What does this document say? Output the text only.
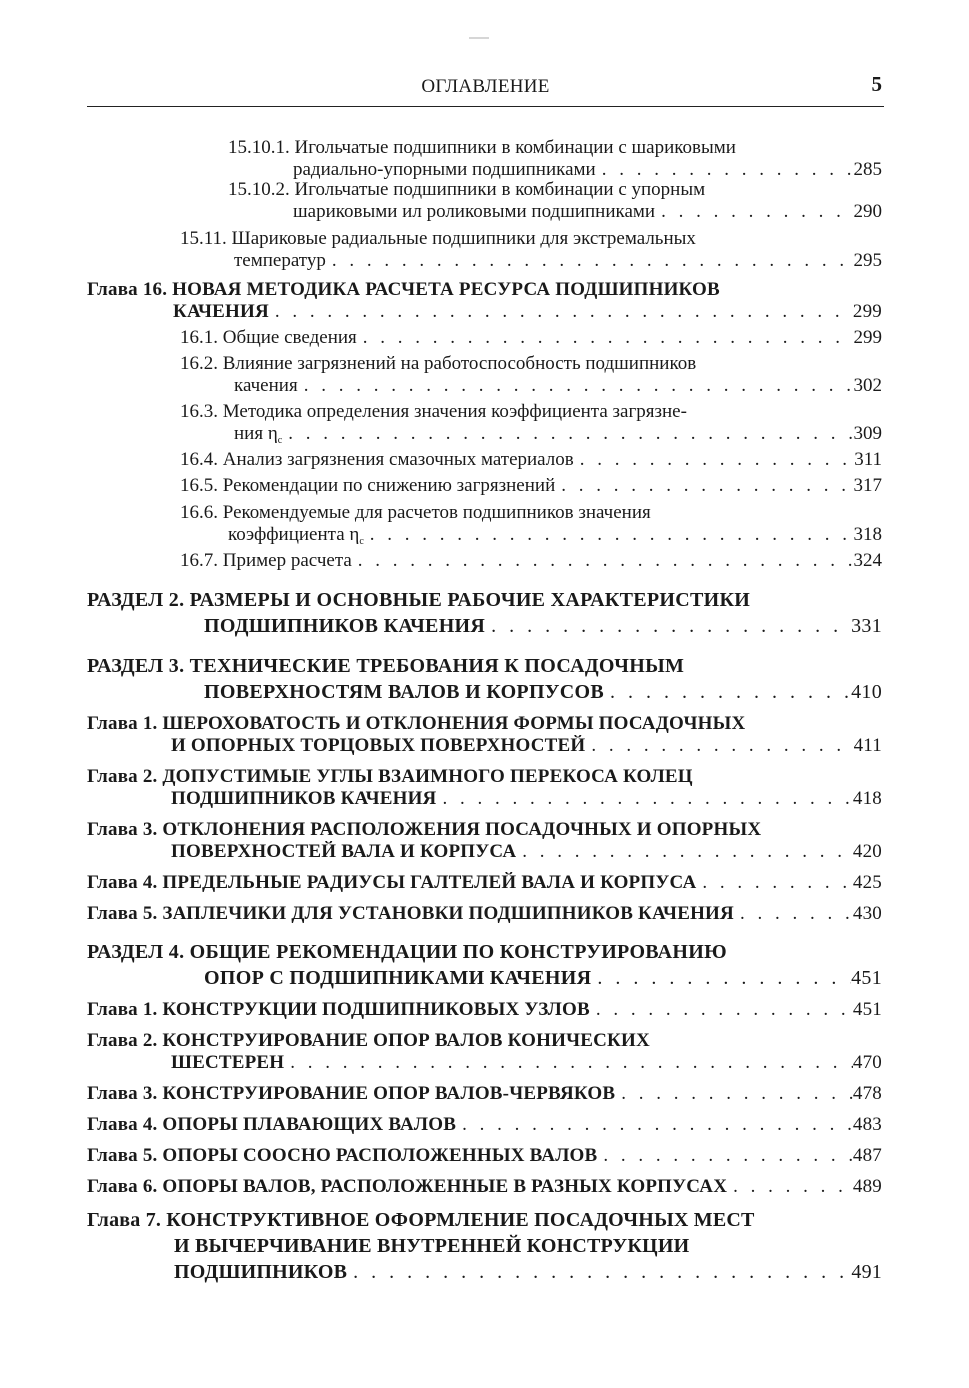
ОГЛАВЛЕНИЕ	5
15.10.1. Игольчатые подшипники в комбинации с шариковыми
радиально-упорными подшипниками . . .	285
15.10.2. Игольчатые подшипники в комбинации с упорным
шариковыми ил роликовыми подшипниками . . .	290
15.11. Шариковые радиальные подшипники для экстремальных
температур . . .	295
Глава 16. НОВАЯ МЕТОДИКА РАСЧЕТА РЕСУРСА ПОДШИПНИКОВ
КАЧЕНИЯ . . .	299
16.1. Общие сведения . . .	299
16.2. Влияние загрязнений на работоспособность подшипников
качения . . .	302
16.3. Методика определения значения коэффициента загрязне-
ния $\eta_c$ . . .	309
16.4. Анализ загрязнения смазочных материалов . . .	311
16.5. Рекомендации по снижению загрязнений . . .	317
16.6. Рекомендуемые для расчетов подшипников значения
коэффициента $\eta_c$ . . .	318
16.7. Пример расчета . . .	324
РАЗДЕЛ 2. РАЗМЕРЫ И ОСНОВНЫЕ РАБОЧИЕ ХАРАКТЕРИСТИКИ
ПОДШИПНИКОВ КАЧЕНИЯ . . .	331
РАЗДЕЛ 3. ТЕХНИЧЕСКИЕ ТРЕБОВАНИЯ К ПОСАДОЧНЫМ
ПОВЕРХНОСТЯМ ВАЛОВ И КОРПУСОВ . . .	410
Глава 1. ШЕРОХОВАТОСТЬ И ОТКЛОНЕНИЯ ФОРМЫ ПОСАДОЧНЫХ
И ОПОРНЫХ ТОРЦОВЫХ ПОВЕРХНОСТЕЙ . . .	411
Глава 2. ДОПУСТИМЫЕ УГЛЫ ВЗАИМНОГО ПЕРЕКОСА КОЛЕЦ
ПОДШИПНИКОВ КАЧЕНИЯ . . .	418
Глава 3. ОТКЛОНЕНИЯ РАСПОЛОЖЕНИЯ ПОСАДОЧНЫХ И ОПОРНЫХ
ПОВЕРХНОСТЕЙ ВАЛА И КОРПУСА . . .	420
Глава 4. ПРЕДЕЛЬНЫЕ РАДИУСЫ ГАЛТЕЛЕЙ ВАЛА И КОРПУСА . . .	425
Глава 5. ЗАПЛЕЧИКИ ДЛЯ УСТАНОВКИ ПОДШИПНИКОВ КАЧЕНИЯ . . .	430
РАЗДЕЛ 4. ОБЩИЕ РЕКОМЕНДАЦИИ ПО КОНСТРУИРОВАНИЮ
ОПОР С ПОДШИПНИКАМИ КАЧЕНИЯ . . .	451
Глава 1. КОНСТРУКЦИИ ПОДШИПНИКОВЫХ УЗЛОВ . . .	451
Глава 2. КОНСТРУИРОВАНИЕ ОПОР ВАЛОВ КОНИЧЕСКИХ
ШЕСТЕРЕН . . .	470
Глава 3. КОНСТРУИРОВАНИЕ ОПОР ВАЛОВ-ЧЕРВЯКОВ . . .	478
Глава 4. ОПОРЫ ПЛАВАЮЩИХ ВАЛОВ . . .	483
Глава 5. ОПОРЫ СООСНО РАСПОЛОЖЕННЫХ ВАЛОВ . . .	487
Глава 6. ОПОРЫ ВАЛОВ, РАСПОЛОЖЕННЫЕ В РАЗНЫХ КОРПУСАХ . . .	489
Глава 7. КОНСТРУКТИВНОЕ ОФОРМЛЕНИЕ ПОСАДОЧНЫХ МЕСТ
И ВЫЧЕРЧИВАНИЕ ВНУТРЕННЕЙ КОНСТРУКЦИИ
ПОДШИПНИКОВ . . .	491
